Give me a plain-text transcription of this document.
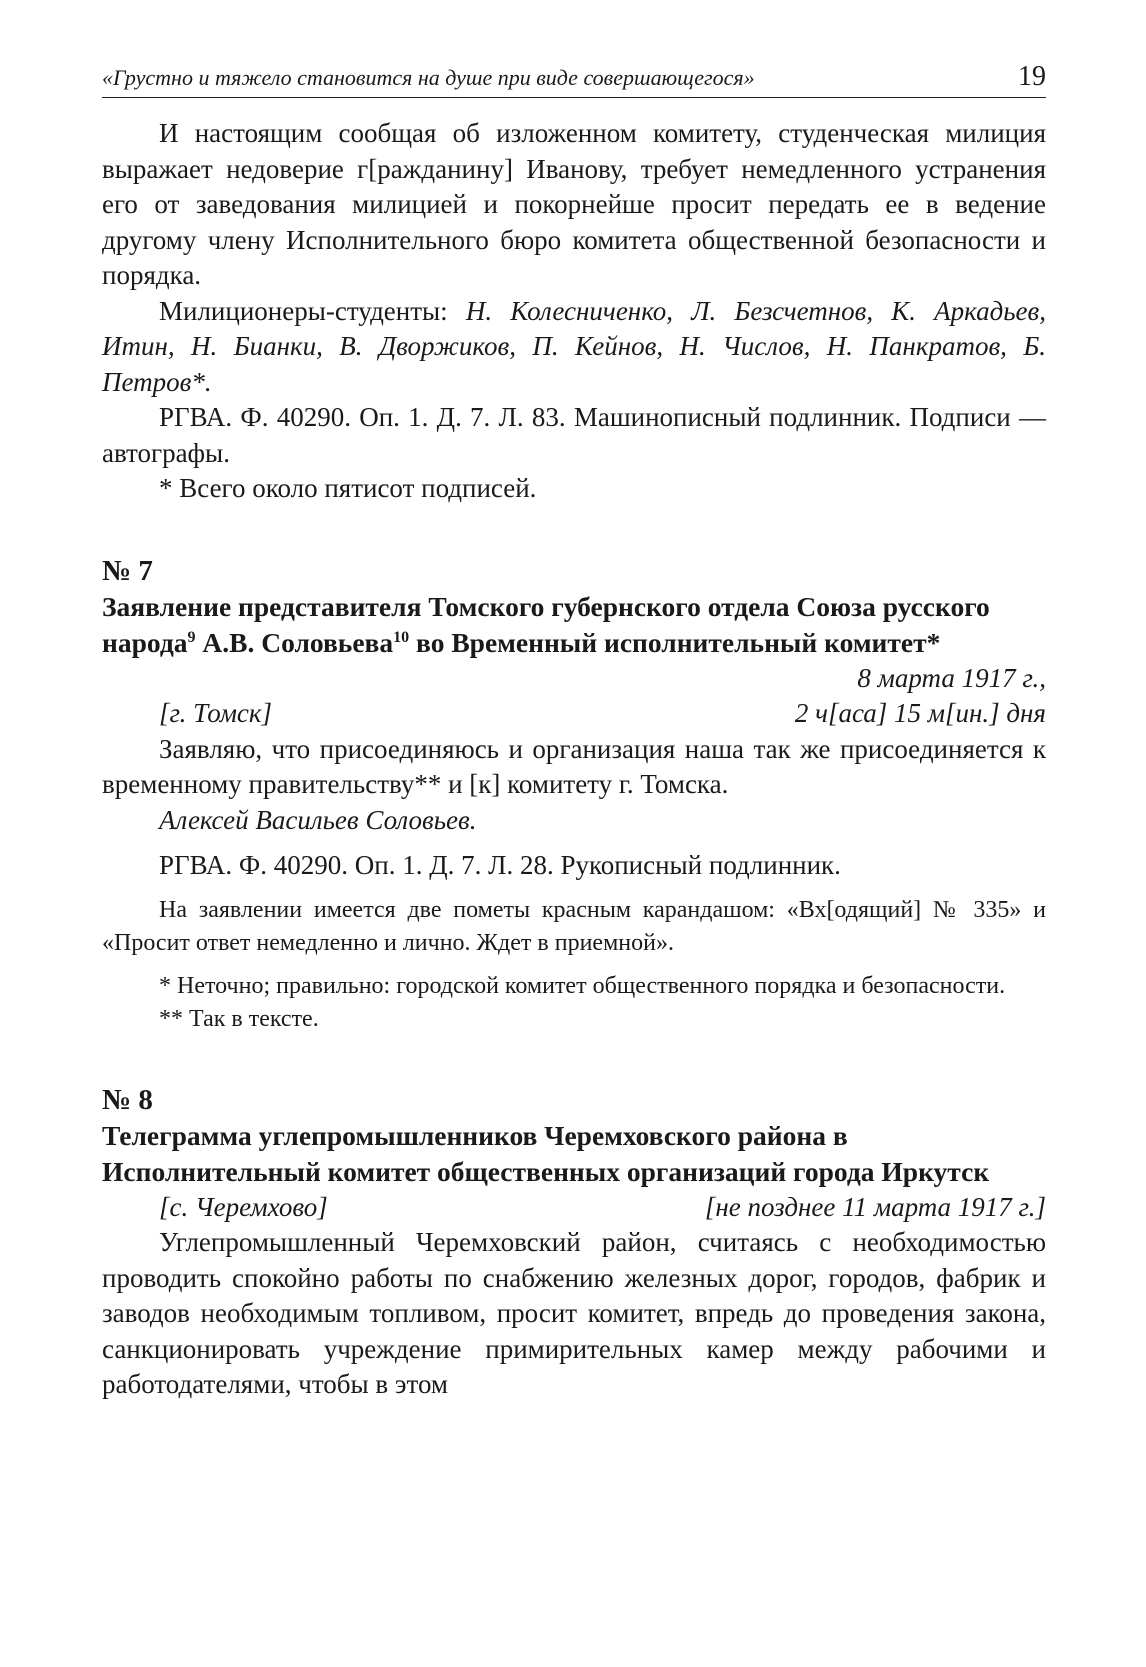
«Грустно и тяжело становится на душе при виде совершающегося»	19

И настоящим сообщая об изложенном комитету, студенческая милиция выражает недоверие г[ражданину] Иванову, требует немедленного устранения его от заведования милицией и покорнейше просит передать ее в ведение другому члену Исполнительного бюро комитета общественной безопасности и порядка.

Милиционеры-студенты: Н. Колесниченко, Л. Безсчетнов, К. Аркадьев, Итин, Н. Бианки, В. Дворжиков, П. Кейнов, Н. Числов, Н. Панкратов, Б. Петров*.

РГВА. Ф. 40290. Оп. 1. Д. 7. Л. 83. Машинописный подлинник. Подписи — автографы.

* Всего около пятисот подписей.

№ 7
Заявление представителя Томского губернского отдела Союза русского народа$^9$ А.В. Соловьева$^{10}$ во Временный исполнительный комитет*

8 марта 1917 г.,

[г. Томск]	2 ч[аса] 15 м[ин.] дня

Заявляю, что присоединяюсь и организация наша так же присоединяется к временному правительству** и [к] комитету г. Томска.

Алексей Васильев Соловьев.

РГВА. Ф. 40290. Оп. 1. Д. 7. Л. 28. Рукописный подлинник.

На заявлении имеется две пометы красным карандашом: «Вх[одящий] № 335» и «Просит ответ немедленно и лично. Ждет в приемной».

* Неточно; правильно: городской комитет общественного порядка и безопасности.

** Так в тексте.

№ 8
Телеграмма углепромышленников Черемховского района в Исполнительный комитет общественных организаций города Иркутск
[с. Черемхово]	[не позднее 11 марта 1917 г.]

Углепромышленный Черемховский район, считаясь с необходимостью проводить спокойно работы по снабжению железных дорог, городов, фабрик и заводов необходимым топливом, просит комитет, впредь до проведения закона, санкционировать учреждение примирительных камер между рабочими и работодателями, чтобы в этом
